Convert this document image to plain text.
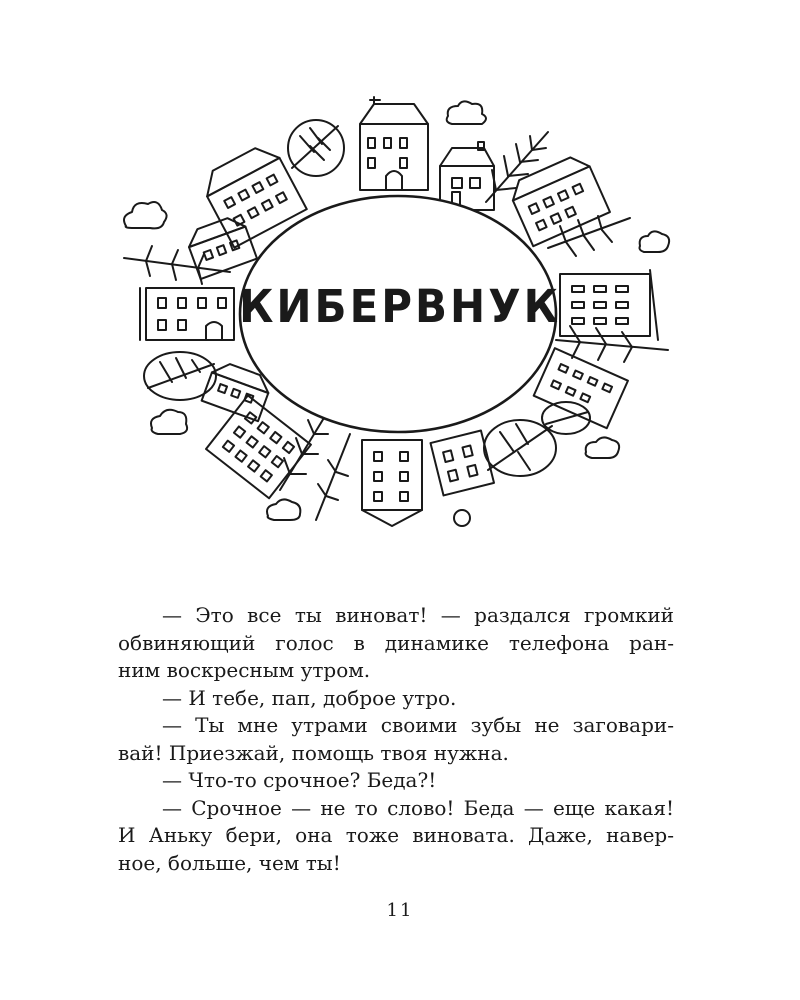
КИБЕРВНУК
— Это все ты виноват! — раздался громкий
обвиняющий голос в динамике телефона ран-
ним воскресным утром.
— И тебе, пап, доброе утро.
— Ты мне утрами своими зубы не заговари-
вай! Приезжай, помощь твоя нужна.
— Что-то срочное? Беда?!
— Срочное — не то слово! Беда — еще какая!
И Аньку бери, она тоже виновата. Даже, навер-
ное, больше, чем ты!
11
